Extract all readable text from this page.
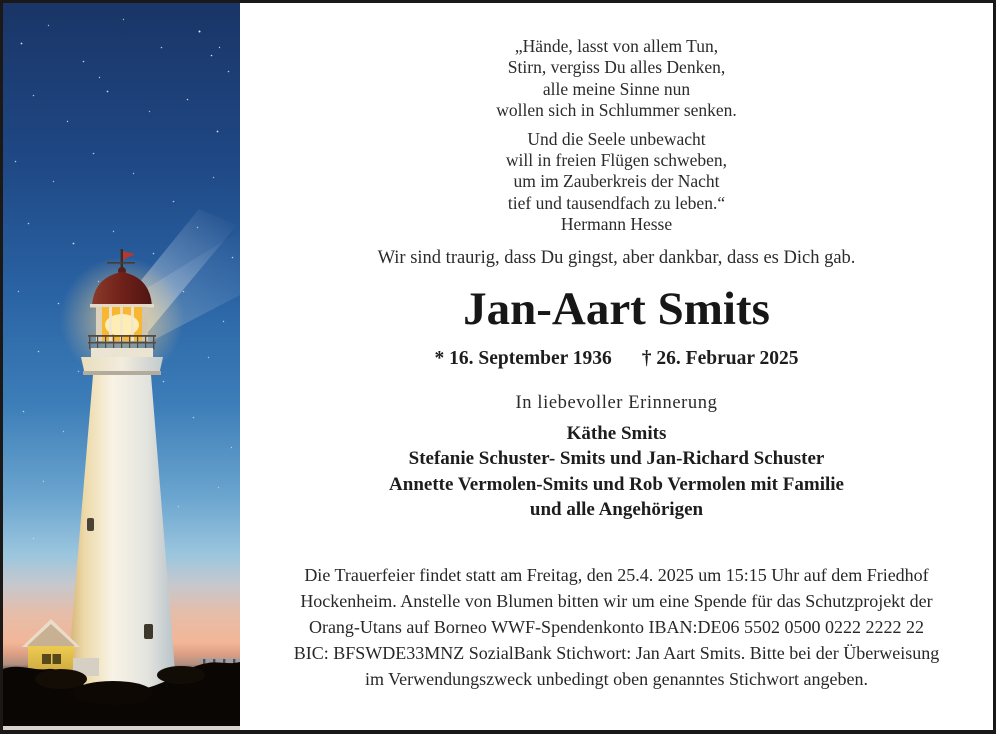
„Hände, lasst von allem Tun,
Stirn, vergiss Du alles Denken,
alle meine Sinne nun
wollen sich in Schlummer senken.
Und die Seele unbewacht
will in freien Flügen schweben,
um im Zauberkreis der Nacht
tief und tausendfach zu leben.“
Hermann Hesse

Wir sind traurig, dass Du gingst, aber dankbar, dass es Dich gab.

Jan-Aart Smits

* 16. September 1936 † 26. Februar 2025

In liebevoller Erinnerung

Käthe Smits
Stefanie Schuster- Smits und Jan-Richard Schuster
Annette Vermolen-Smits und Rob Vermolen mit Familie
und alle Angehörigen
Die Trauerfeier findet statt am Freitag, den 25.4. 2025 um 15:15 Uhr auf dem Friedhof
Hockenheim. Anstelle von Blumen bitten wir um eine Spende für das Schutzprojekt der
Orang-Utans auf Borneo WWF-Spendenkonto IBAN:DE06 5502 0500 0222 2222 22
BIC: BFSWDE33MNZ SozialBank Stichwort: Jan Aart Smits. Bitte bei der Überweisung
im Verwendungszweck unbedingt oben genanntes Stichwort angeben.
